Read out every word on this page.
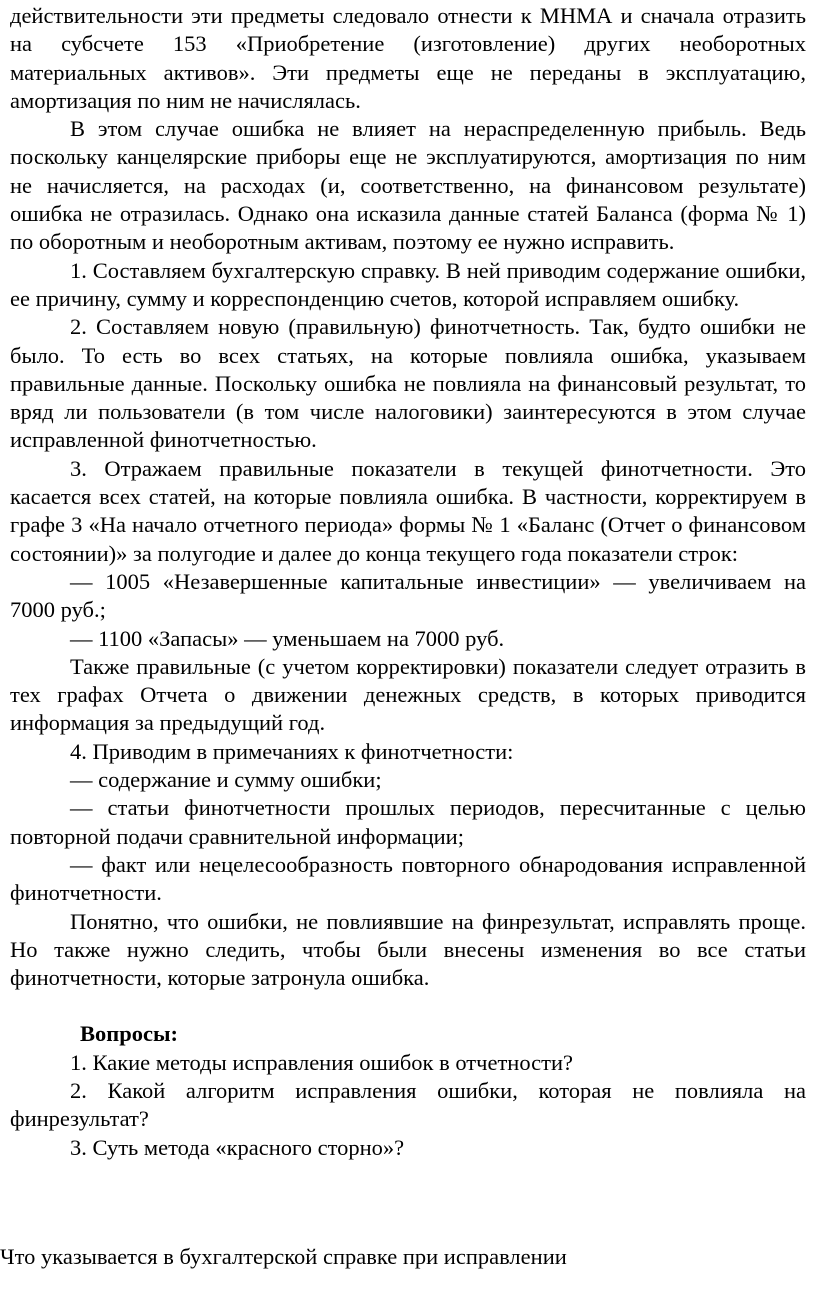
действительности эти предметы следовало отнести к МНМА и сначала отразить на субсчете 153 «Приобретение (изготовление) других необоротных материальных активов». Эти предметы еще не переданы в эксплуатацию, амортизация по ним не начислялась.

В этом случае ошибка не влияет на нераспределенную прибыль. Ведь поскольку канцелярские приборы еще не эксплуатируются, амортизация по ним не начисляется, на расходах (и, соответственно, на финансовом результате) ошибка не отразилась. Однако она исказила данные статей Баланса (форма № 1) по оборотным и необоротным активам, поэтому ее нужно исправить.

1. Составляем бухгалтерскую справку. В ней приводим содержание ошибки, ее причину, сумму и корреспонденцию счетов, которой исправляем ошибку.

2. Составляем новую (правильную) финотчетность. Так, будто ошибки не было. То есть во всех статьях, на которые повлияла ошибка, указываем правильные данные. Поскольку ошибка не повлияла на финансовый результат, то вряд ли пользователи (в том числе налоговики) заинтересуются в этом случае исправленной финотчетностью.

3. Отражаем правильные показатели в текущей финотчетности. Это касается всех статей, на которые повлияла ошибка. В частности, корректируем в графе 3 «На начало отчетного периода» формы № 1 «Баланс (Отчет о финансовом состоянии)» за полугодие и далее до конца текущего года показатели строк:

— 1005 «Незавершенные капитальные инвестиции» — увеличиваем на 7000 руб.;

— 1100 «Запасы» — уменьшаем на 7000 руб.

Также правильные (с учетом корректировки) показатели следует отразить в тех графах Отчета о движении денежных средств, в которых приводится информация за предыдущий год.

4. Приводим в примечаниях к финотчетности:

— содержание и сумму ошибки;

— статьи финотчетности прошлых периодов, пересчитанные с целью повторной подачи сравнительной информации;

— факт или нецелесообразность повторного обнародования исправленной финотчетности.

Понятно, что ошибки, не повлиявшие на финрезультат, исправлять проще. Но также нужно следить, чтобы были внесены изменения во все статьи финотчетности, которые затронула ошибка.

Вопросы:

1. Какие методы исправления ошибок в отчетности?

2. Какой алгоритм исправления ошибки, которая не повлияла на финрезультат?

3. Суть метода «красного сторно»?

Что указывается в бухгалтерской справке при исправлении
